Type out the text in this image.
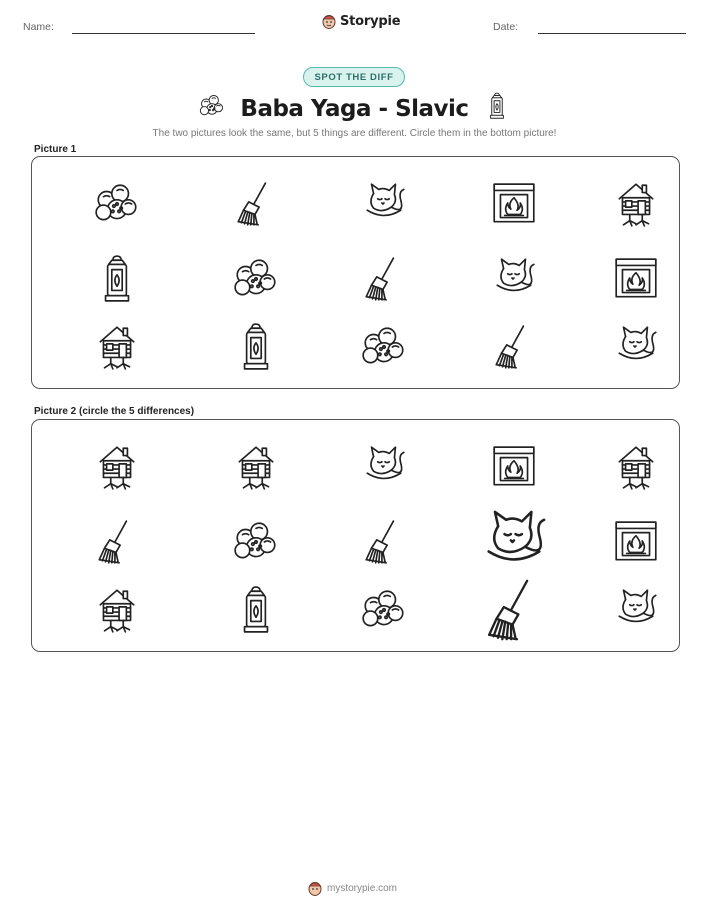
Name:	Storypie	Date:
SPOT THE DIFF
Baba Yaga - Slavic
The two pictures look the same, but 5 things are different. Circle them in the bottom picture!
Picture 1
Picture 2 (circle the 5 differences)
mystorypie.com
